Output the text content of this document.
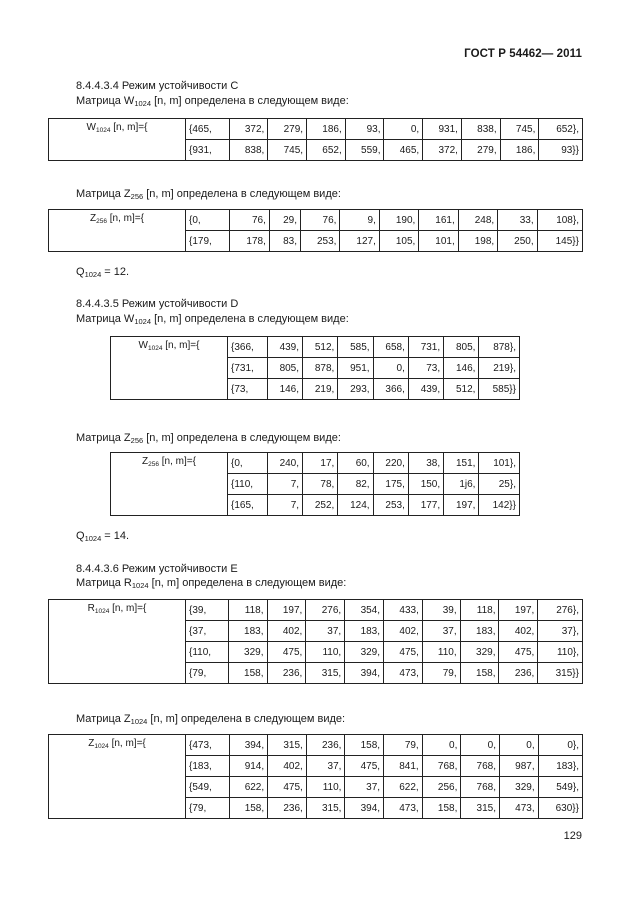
ГОСТ Р 54462— 2011
8.4.4.3.4 Режим устойчивости С
Матрица $W_{1024}$ [n, m] определена в следующем виде:
$W_{1024}$ [n, m]={	{465,	372,	279,	186,	93,	0,	931,	838,	745,	652},
	{931,	838,	745,	652,	559,	465,	372,	279,	186,	93}}
Матрица $Z_{256}$ [n, m] определена в следующем виде:
$Z_{256}$ [n, m]={	{0,	76,	29,	76,	9,	190,	161,	248,	33,	108},
	{179,	178,	83,	253,	127,	105,	101,	198,	250,	145}}
$Q_{1024} = 12$.
8.4.4.3.5 Режим устойчивости D
Матрица $W_{1024}$ [n, m] определена в следующем виде:
$W_{1024}$ [n, m]={	{366,	439,	512,	585,	658,	731,	805,	878},
	{731,	805,	878,	951,	0,	73,	146,	219},
	{73,	146,	219,	293,	366,	439,	512,	585}}
Матрица $Z_{256}$ [n, m] определена в следующем виде:
$Z_{256}$ [n, m]={	{0,	240,	17,	60,	220,	38,	151,	101},
	{110,	7,	78,	82,	175,	150,	1j6,	25},
	{165,	7,	252,	124,	253,	177,	197,	142}}
$Q_{1024} = 14$.
8.4.4.3.6 Режим устойчивости Е
Матрица $R_{1024}$ [n, m] определена в следующем виде:
$R_{1024}$ [n, m]={	{39,	118,	197,	276,	354,	433,	39,	118,	197,	276},
	{37,	183,	402,	37,	183,	402,	37,	183,	402,	37},
	{110,	329,	475,	110,	329,	475,	110,	329,	475,	110},
	{79,	158,	236,	315,	394,	473,	79,	158,	236,	315}}
Матрица $Z_{1024}$ [n, m] определена в следующем виде:
$Z_{1024}$ [n, m]={	{473,	394,	315,	236,	158,	79,	0,	0,	0,	0},
	{183,	914,	402,	37,	475,	841,	768,	768,	987,	183},
	{549,	622,	475,	110,	37,	622,	256,	768,	329,	549},
	{79,	158,	236,	315,	394,	473,	158,	315,	473,	630}}
129
